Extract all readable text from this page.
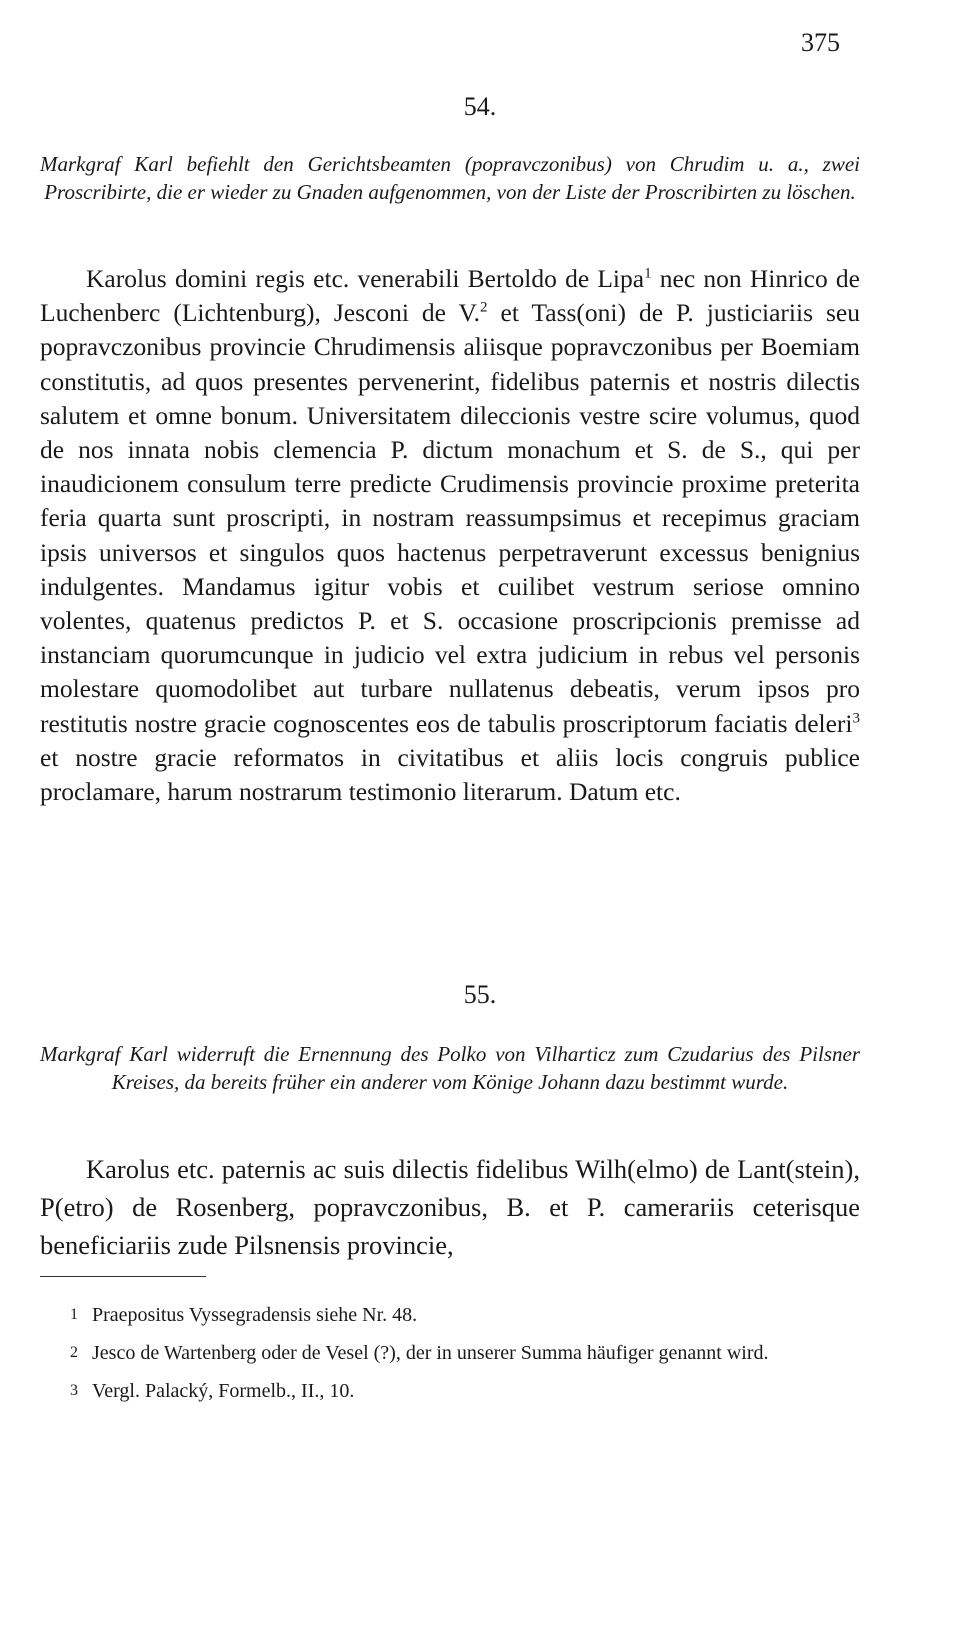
375
54.
Markgraf Karl befiehlt den Gerichtsbeamten (popravczonibus) von Chrudim u. a., zwei Proscribirte, die er wieder zu Gnaden aufgenommen, von der Liste der Proscribirten zu löschen.
Karolus domini regis etc. venerabili Bertoldo de Lipa$^1$ nec non Hinrico de Luchenberc (Lichtenburg), Jesconi de V.$^2$ et Tass(oni) de P. justiciariis seu popravczonibus provincie Chrudimensis aliisque popravczonibus per Boemiam constitutis, ad quos presentes pervenerint, fidelibus paternis et nostris dilectis salutem et omne bonum. Universitatem dileccionis vestre scire volumus, quod de nos innata nobis clemencia P. dictum monachum et S. de S., qui per inaudicionem consulum terre predicte Crudimensis provincie proxime preterita feria quarta sunt proscripti, in nostram reassumpsimus et recepimus graciam ipsis universos et singulos quos hactenus perpetraverunt excessus benignius indulgentes. Mandamus igitur vobis et cuilibet vestrum seriose omnino volentes, quatenus predictos P. et S. occasione proscripcionis premisse ad instanciam quorumcunque in judicio vel extra judicium in rebus vel personis molestare quomodolibet aut turbare nullatenus debeatis, verum ipsos pro restitutis nostre gracie cognoscentes eos de tabulis proscriptorum faciatis deleri$^3$ et nostre gracie reformatos in civitatibus et aliis locis congruis publice proclamare, harum nostrarum testimonio literarum. Datum etc.
55.
Markgraf Karl widerruft die Ernennung des Polko von Vilharticz zum Czudarius des Pilsner Kreises, da bereits früher ein anderer vom Könige Johann dazu bestimmt wurde.
Karolus etc. paternis ac suis dilectis fidelibus Wilh(elmo) de Lant(stein), P(etro) de Rosenberg, popravczonibus, B. et P. camerariis ceterisque beneficiariis zude Pilsnensis provincie,
1 Praepositus Vyssegradensis siehe Nr. 48.
2 Jesco de Wartenberg oder de Vesel (?), der in unserer Summa häufiger genannt wird.
3 Vergl. Palacký, Formelb., II., 10.
